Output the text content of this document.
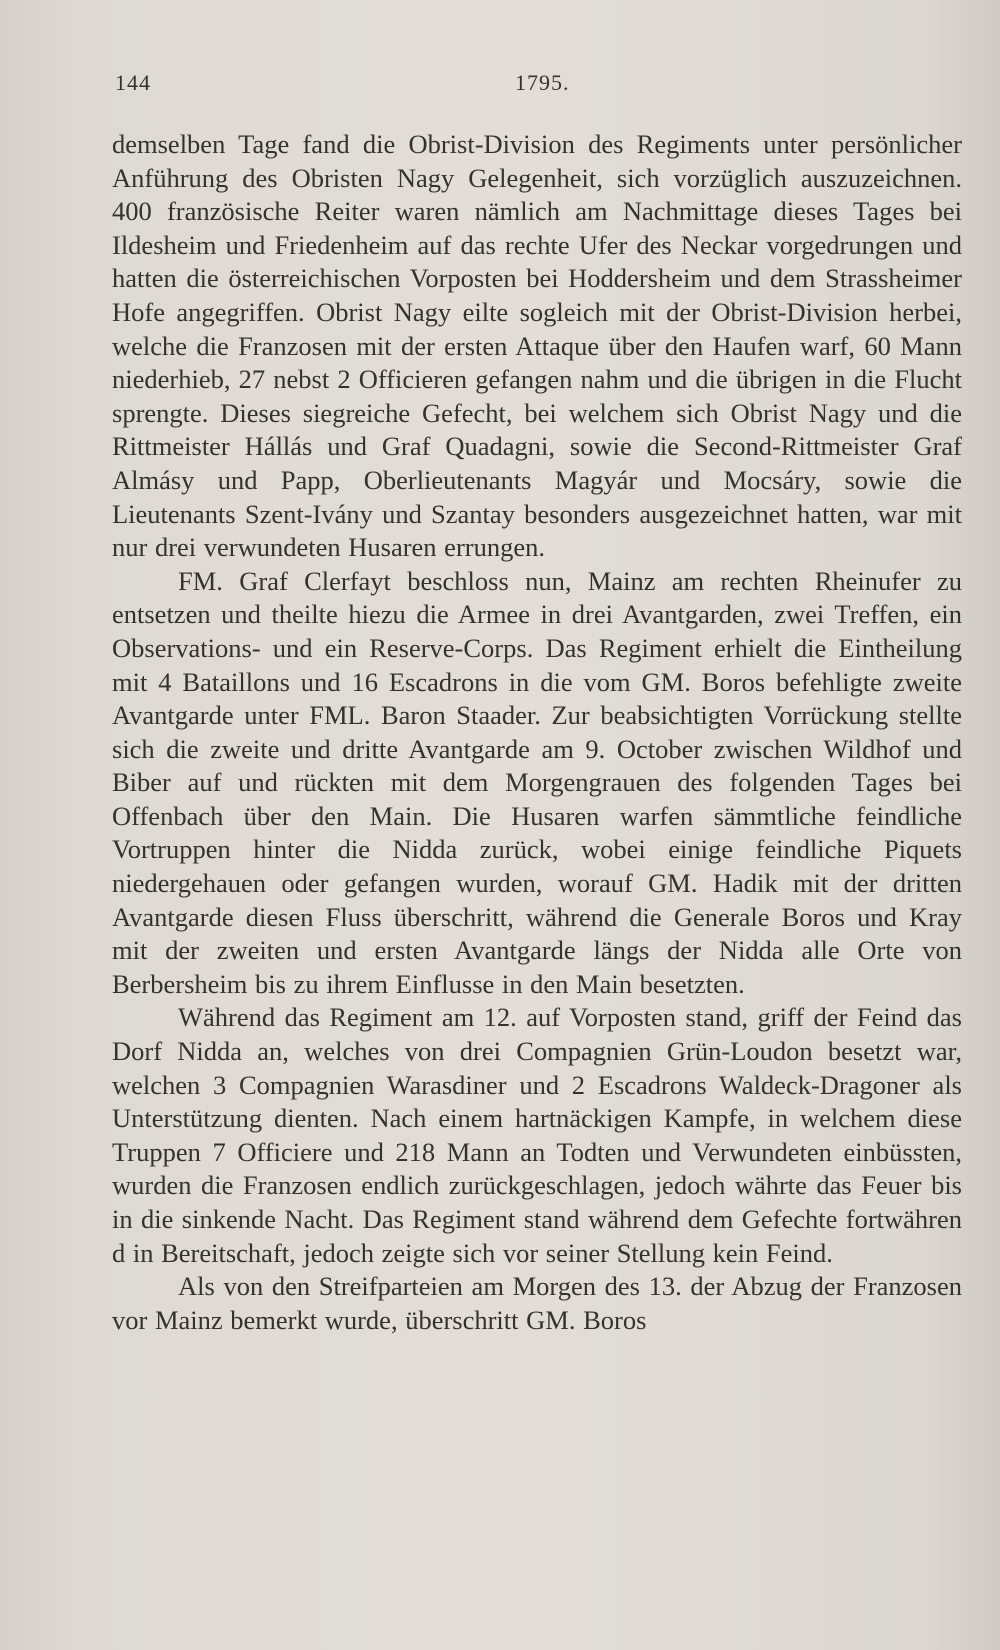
144	1795.

demselben Tage fand die Obrist-Division des Regiments unter persönlicher Anführung des Obristen Nagy Gelegenheit, sich vorzüglich auszuzeichnen. 400 französische Reiter waren nämlich am Nachmittage dieses Tages bei Ildesheim und Friedenheim auf das rechte Ufer des Neckar vorgedrungen und hatten die österreichischen Vorposten bei Hoddersheim und dem Strassheimer Hofe angegriffen. Obrist Nagy eilte sogleich mit der Obrist-Division herbei, welche die Franzosen mit der ersten Attaque über den Haufen warf, 60 Mann niederhieb, 27 nebst 2 Officieren gefangen nahm und die übrigen in die Flucht sprengte. Dieses siegreiche Gefecht, bei welchem sich Obrist Nagy und die Rittmeister Hállás und Graf Quadagni, sowie die Second-Rittmeister Graf Almásy und Papp, Oberlieutenants Magyár und Mocsáry, sowie die Lieutenants Szent-Ivány und Szantay besonders ausgezeichnet hatten, war mit nur drei verwundeten Husaren errungen.

FM. Graf Clerfayt beschloss nun, Mainz am rechten Rheinufer zu entsetzen und theilte hiezu die Armee in drei Avantgarden, zwei Treffen, ein Observations- und ein Reserve-Corps. Das Regiment erhielt die Eintheilung mit 4 Bataillons und 16 Escadrons in die vom GM. Boros befehligte zweite Avantgarde unter FML. Baron Staader. Zur beabsichtigten Vorrückung stellte sich die zweite und dritte Avantgarde am 9. October zwischen Wildhof und Biber auf und rückten mit dem Morgengrauen des folgenden Tages bei Offenbach über den Main. Die Husaren warfen sämmtliche feindliche Vortruppen hinter die Nidda zurück, wobei einige feindliche Piquets niedergehauen oder gefangen wurden, worauf GM. Hadik mit der dritten Avantgarde diesen Fluss überschritt, während die Generale Boros und Kray mit der zweiten und ersten Avantgarde längs der Nidda alle Orte von Berbersheim bis zu ihrem Einflusse in den Main besetzten.

Während das Regiment am 12. auf Vorposten stand, griff der Feind das Dorf Nidda an, welches von drei Compagnien Grün-Loudon besetzt war, welchen 3 Compagnien Warasdiner und 2 Escadrons Waldeck-Dragoner als Unterstützung dienten. Nach einem hartnäckigen Kampfe, in welchem diese Truppen 7 Officiere und 218 Mann an Todten und Verwundeten einbüssten, wurden die Franzosen endlich zurückgeschlagen, jedoch währte das Feuer bis in die sinkende Nacht. Das Regiment stand während dem Gefechte fortwähren d in Bereitschaft, jedoch zeigte sich vor seiner Stellung kein Feind.

Als von den Streifparteien am Morgen des 13. der Abzug der Franzosen vor Mainz bemerkt wurde, überschritt GM. Boros
